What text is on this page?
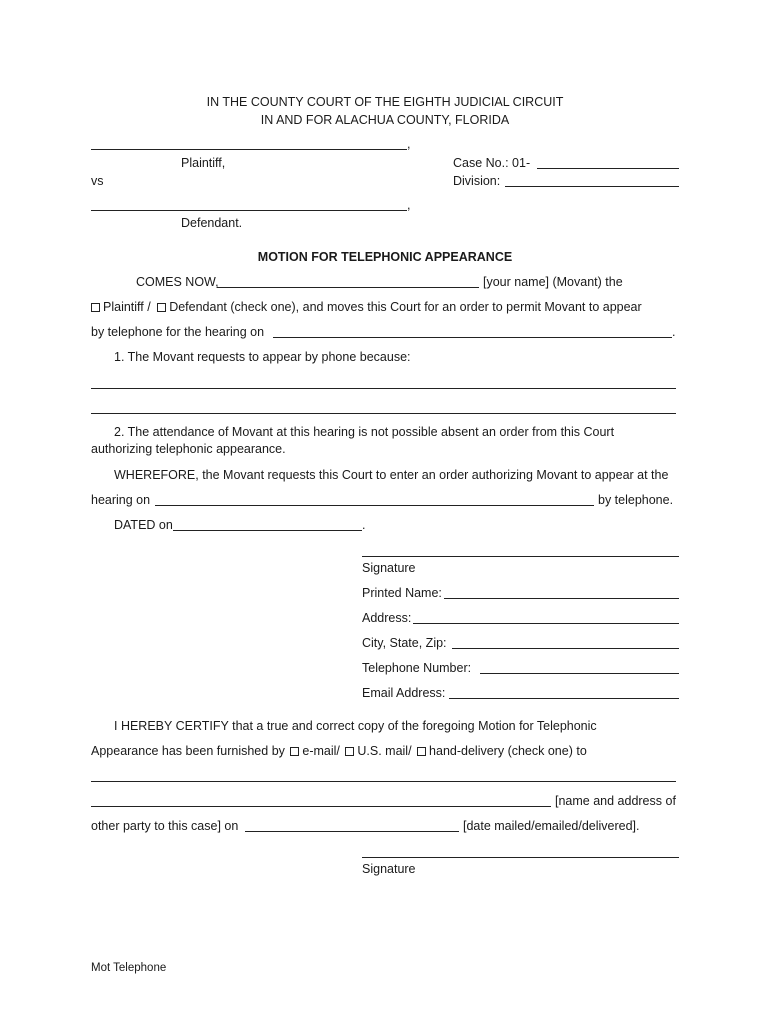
IN THE COUNTY COURT OF THE EIGHTH JUDICIAL CIRCUIT
IN AND FOR ALACHUA COUNTY, FLORIDA
,
Plaintiff,
vs
Case No.: 01-
Division:
,
Defendant.
MOTION FOR TELEPHONIC APPEARANCE
COMES NOW,	[your name] (Movant) the
Plaintiff / Defendant (check one), and moves this Court for an order to permit Movant to appear
by telephone for the hearing on	.
1. The Movant requests to appear by phone because:
2. The attendance of Movant at this hearing is not possible absent an order from this Court
authorizing telephonic appearance.
WHEREFORE, the Movant requests this Court to enter an order authorizing Movant to appear at the
hearing on	by telephone.
DATED on	.
Signature
Printed Name:
Address:
City, State, Zip:
Telephone Number:
Email Address:
I HEREBY CERTIFY that a true and correct copy of the foregoing Motion for Telephonic
Appearance has been furnished by e-mail/ U.S. mail/ hand-delivery (check one) to
[name and address of
other party to this case] on	[date mailed/emailed/delivered].
Signature
Mot Telephone
